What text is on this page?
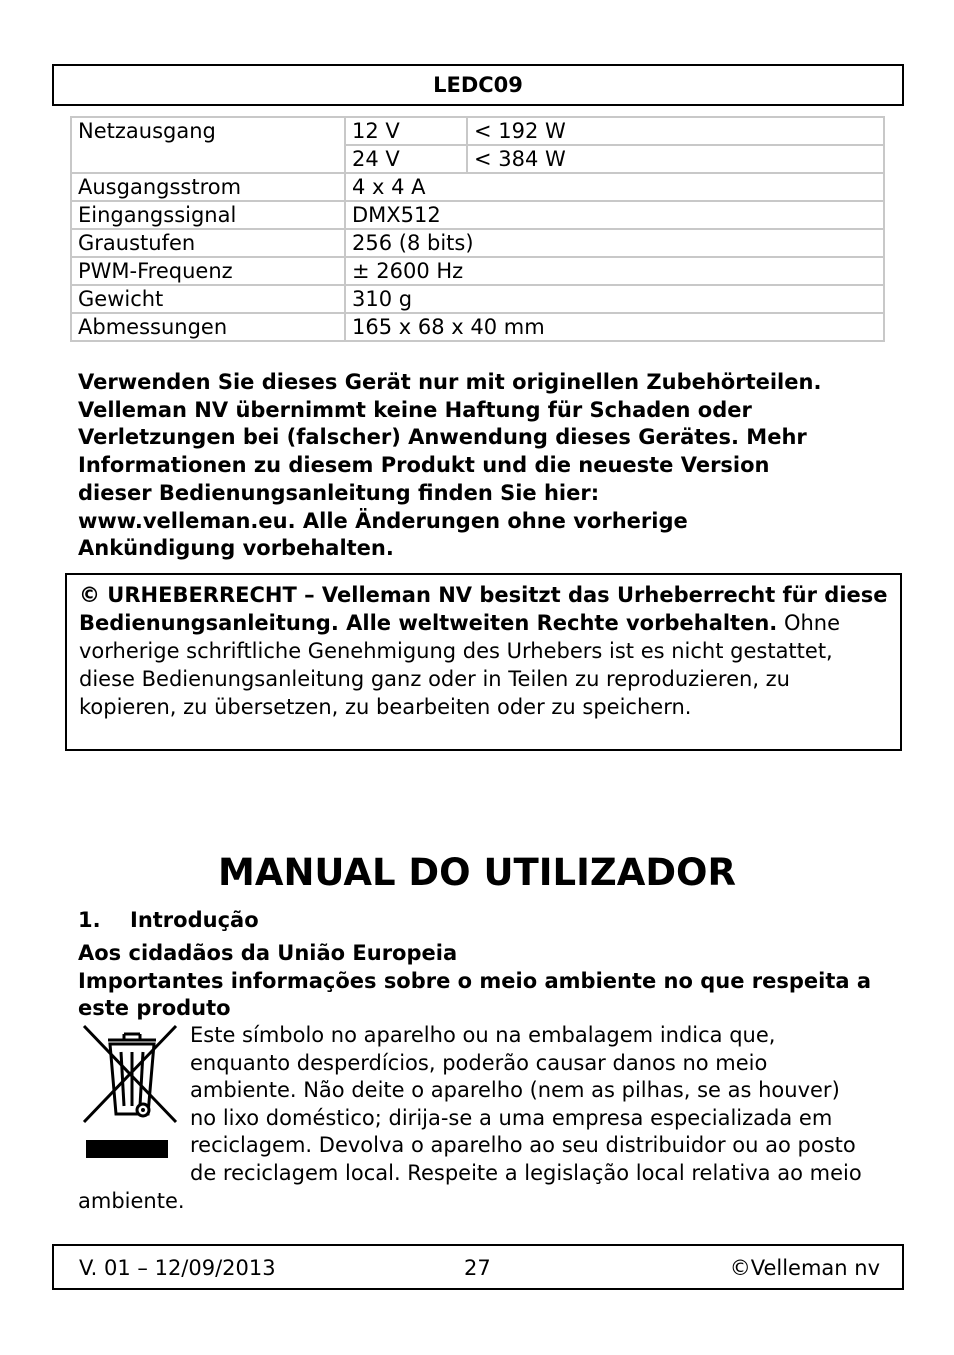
LEDC09
Netzausgang	12 V	< 192 W
	24 V	< 384 W
Ausgangsstrom	4 x 4 A	
Eingangssignal	DMX512	
Graustufen	256 (8 bits)	
PWM-Frequenz	± 2600 Hz	
Gewicht	310 g	
Abmessungen	165 x 68 x 40 mm	
Verwenden Sie dieses Gerät nur mit originellen Zubehörteilen.
Velleman NV übernimmt keine Haftung für Schaden oder
Verletzungen bei (falscher) Anwendung dieses Gerätes. Mehr
Informationen zu diesem Produkt und die neueste Version
dieser Bedienungsanleitung finden Sie hier:
www.velleman.eu. Alle Änderungen ohne vorherige
Ankündigung vorbehalten.
© URHEBERRECHT – Velleman NV besitzt das Urheberrecht für diese Bedienungsanleitung. Alle weltweiten Rechte vorbehalten. Ohne vorherige schriftliche Genehmigung des Urhebers ist es nicht gestattet, diese Bedienungsanleitung ganz oder in Teilen zu reproduzieren, zu kopieren, zu übersetzen, zu bearbeiten oder zu speichern.
MANUAL DO UTILIZADOR
1. Introdução
Aos cidadãos da União Europeia
Importantes informações sobre o meio ambiente no que respeita a este produto
Este símbolo no aparelho ou na embalagem indica que, enquanto desperdícios, poderão causar danos no meio ambiente. Não deite o aparelho (nem as pilhas, se as houver) no lixo doméstico; dirija-se a uma empresa especializada em reciclagem. Devolva o aparelho ao seu distribuidor ou ao posto de reciclagem local. Respeite a legislação local relativa ao meio ambiente.
V. 01 – 12/09/2013	27	©Velleman nv
